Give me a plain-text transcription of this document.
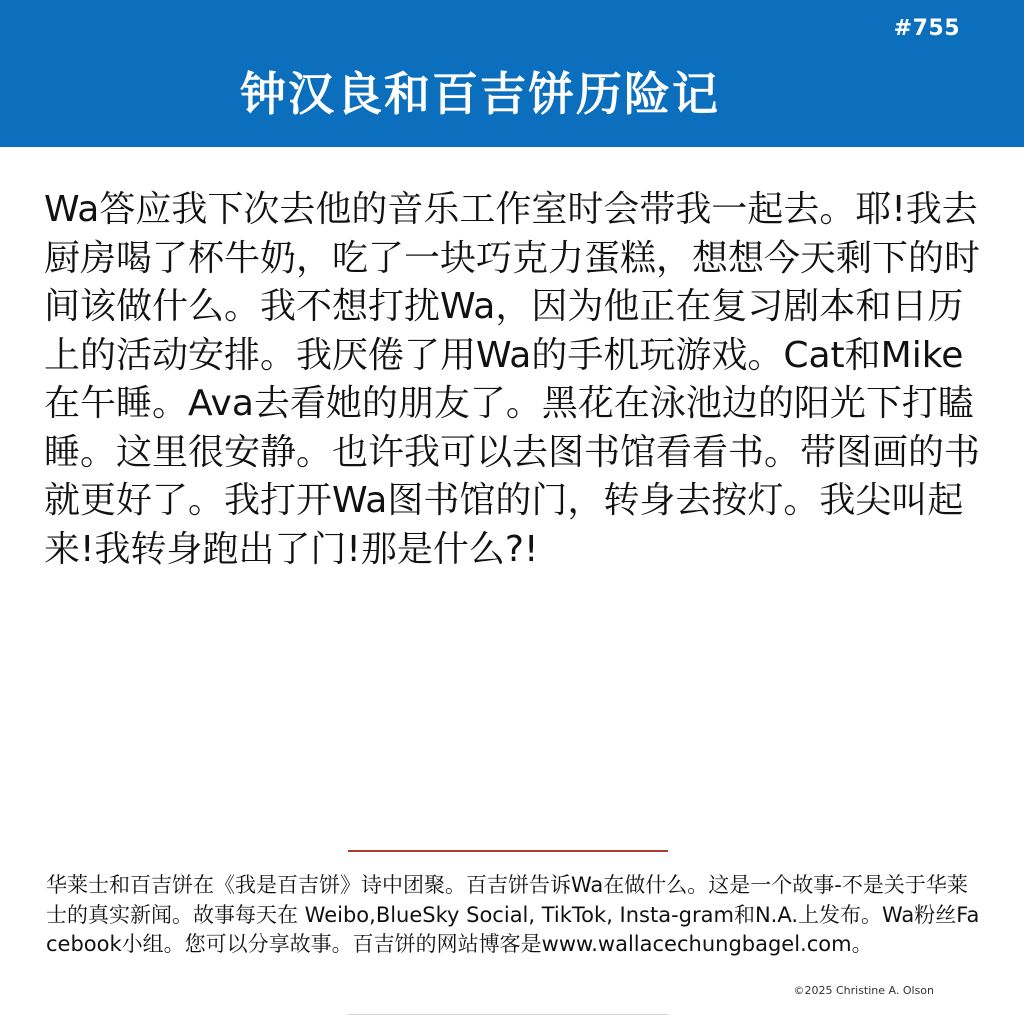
#755
钟汉良和百吉饼历险记

Wa答应我下次去他的音乐工作室时会带我一起去。耶!我去厨房喝了杯牛奶，吃了一块巧克力蛋糕，想想今天剩下的时间该做什么。我不想打扰Wa，因为他正在复习剧本和日历上的活动安排。我厌倦了用Wa的手机玩游戏。Cat和Mike在午睡。Ava去看她的朋友了。黑花在泳池边的阳光下打瞌睡。这里很安静。也许我可以去图书馆看看书。带图画的书就更好了。我打开Wa图书馆的门，转身去按灯。我尖叫起来!我转身跑出了门!那是什么?!

华莱士和百吉饼在《我是百吉饼》诗中团聚。百吉饼告诉Wa在做什么。这是一个故事-不是关于华莱士的真实新闻。故事每天在 Weibo,BlueSky Social, TikTok, Insta-gram和N.A.上发布。Wa粉丝Facebook小组。您可以分享故事。百吉饼的网站博客是www.wallacechungbagel.com。

©2025 Christine A. Olson
